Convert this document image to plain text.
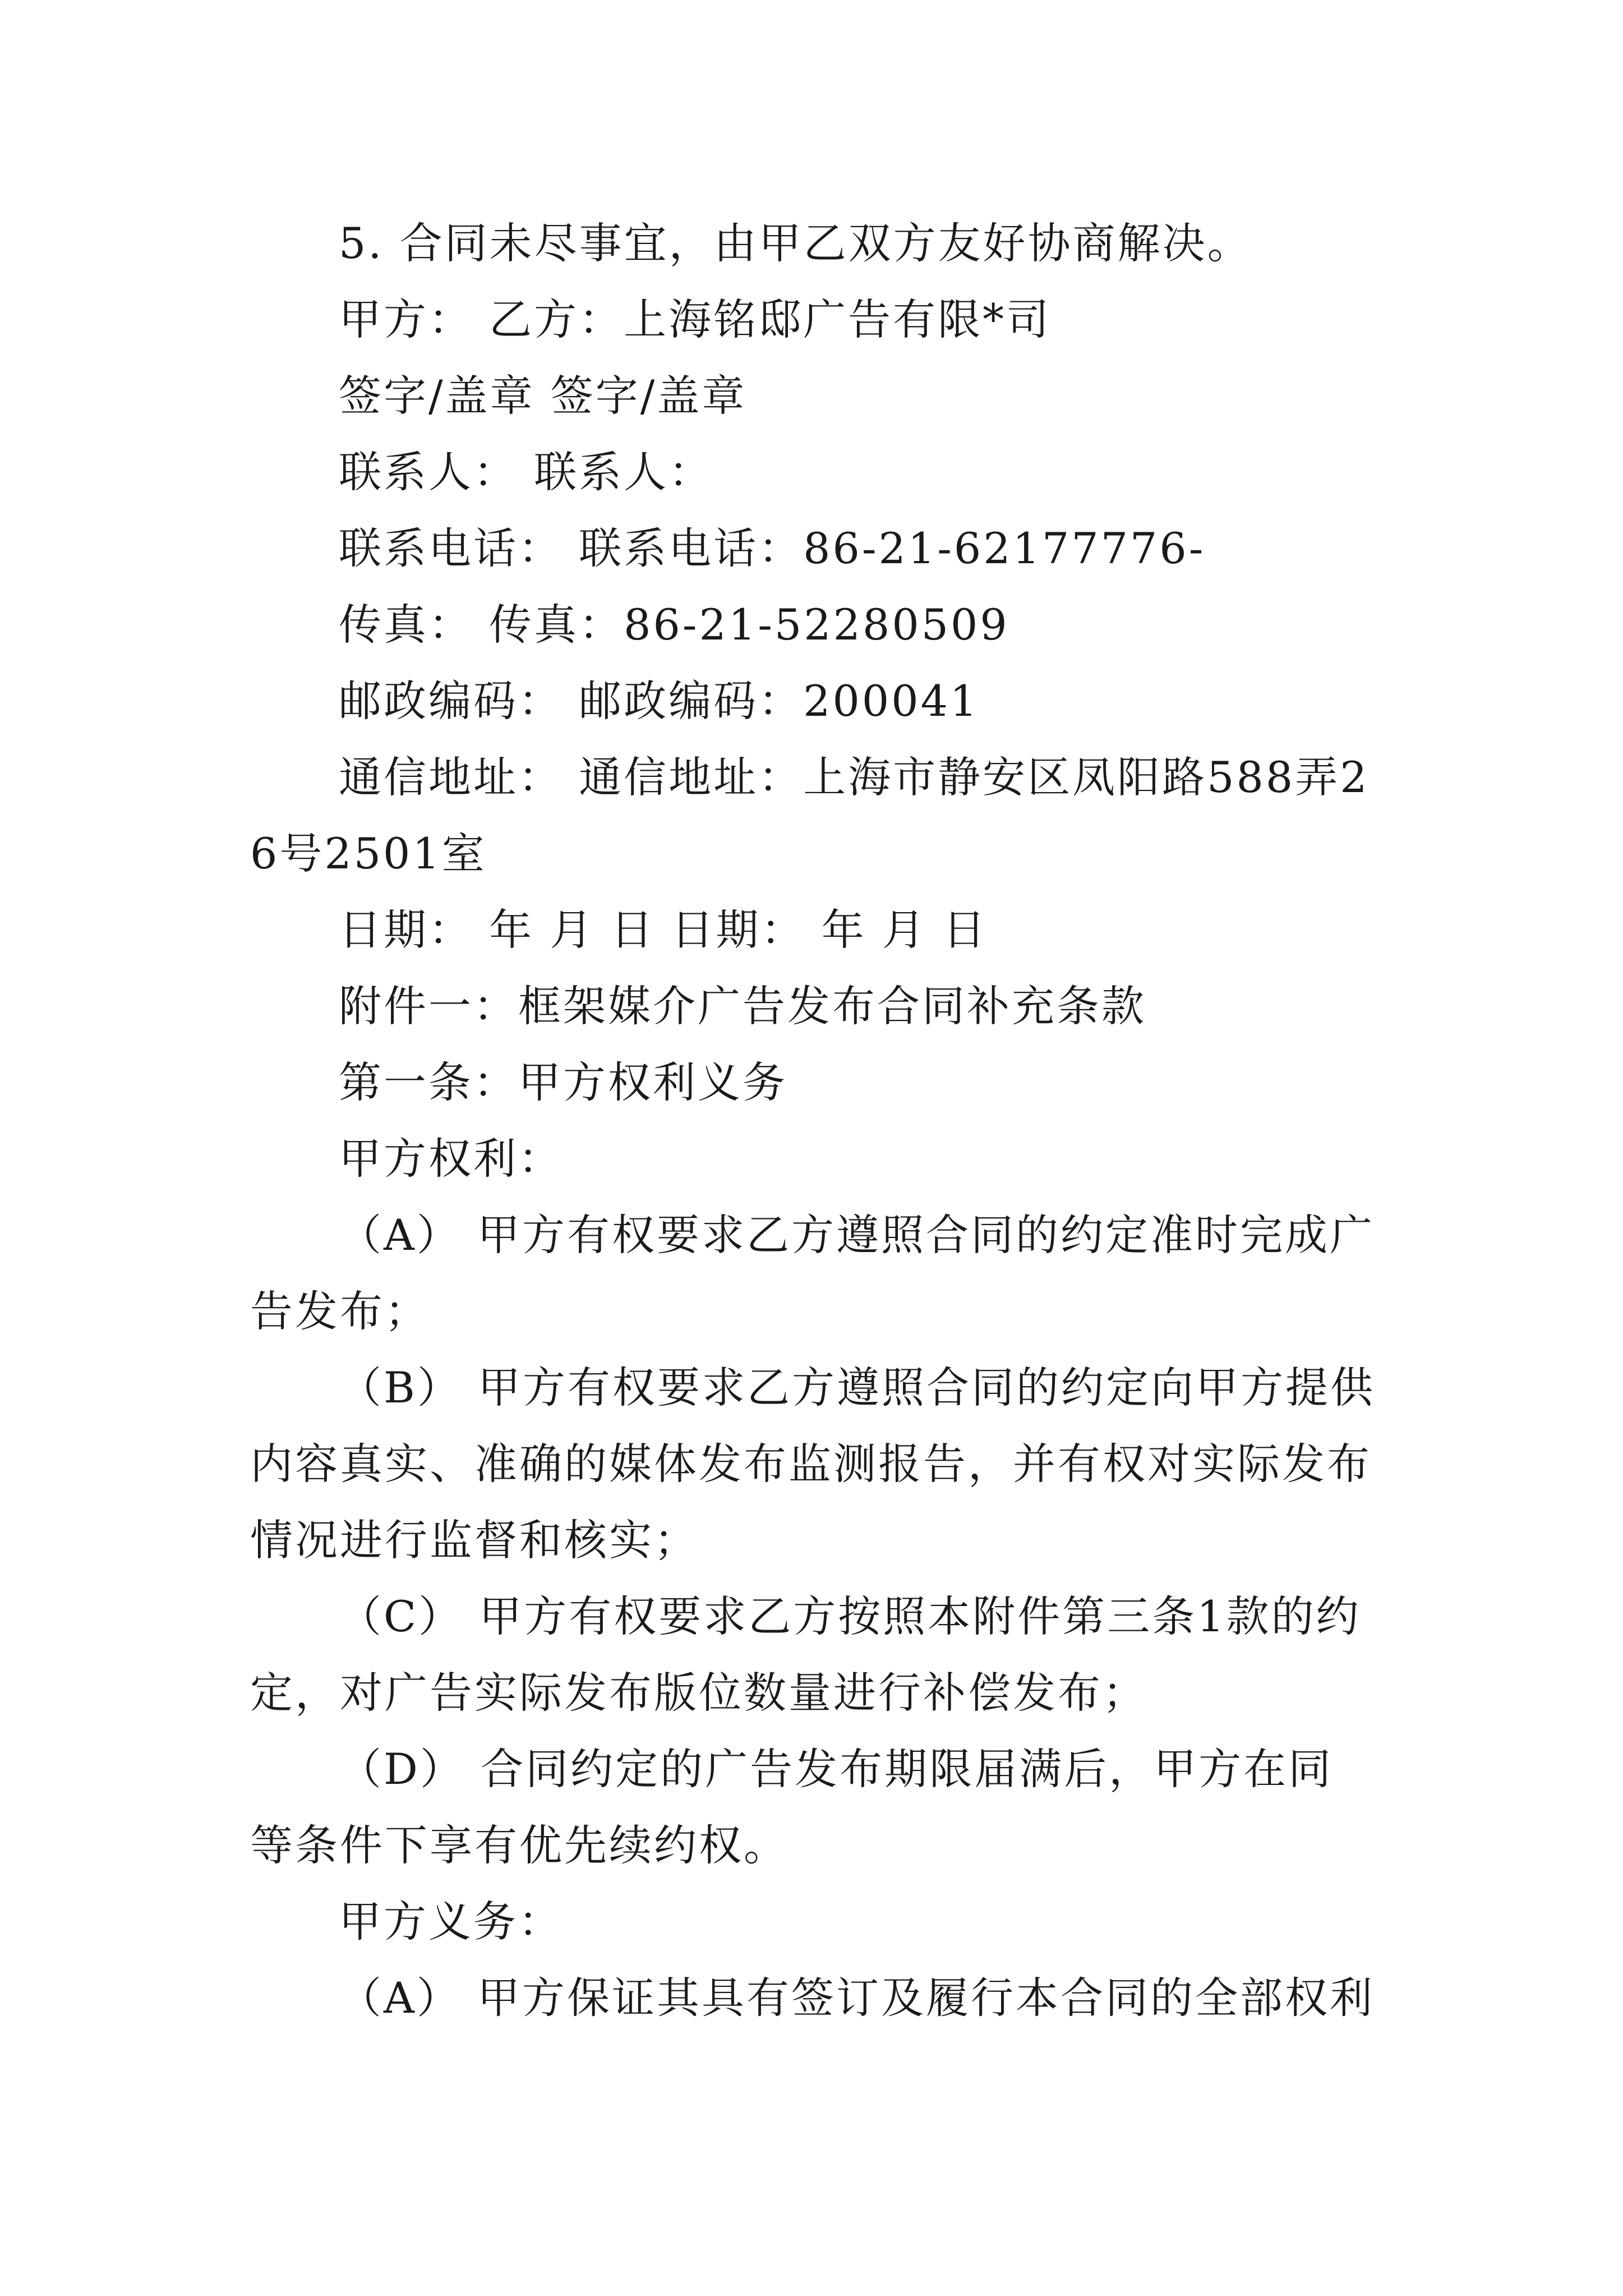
5. 合同未尽事宜，由甲乙双方友好协商解决。

甲方： 乙方：上海铭邸广告有限*司

签字/盖章 签字/盖章

联系人： 联系人：

联系电话： 联系电话：86-21-62177776-

传真： 传真：86-21-52280509

邮政编码： 邮政编码：200041

通信地址： 通信地址：上海市静安区凤阳路588弄26号2501室

日期： 年 月 日 日期： 年 月 日

附件一：框架媒介广告发布合同补充条款

第一条：甲方权利义务

甲方权利：

（A） 甲方有权要求乙方遵照合同的约定准时完成广告发布；

（B） 甲方有权要求乙方遵照合同的约定向甲方提供内容真实、准确的媒体发布监测报告，并有权对实际发布情况进行监督和核实；

（C） 甲方有权要求乙方按照本附件第三条1款的约定，对广告实际发布版位数量进行补偿发布；

（D） 合同约定的广告发布期限届满后，甲方在同等条件下享有优先续约权。

甲方义务：

（A） 甲方保证其具有签订及履行本合同的全部权利
